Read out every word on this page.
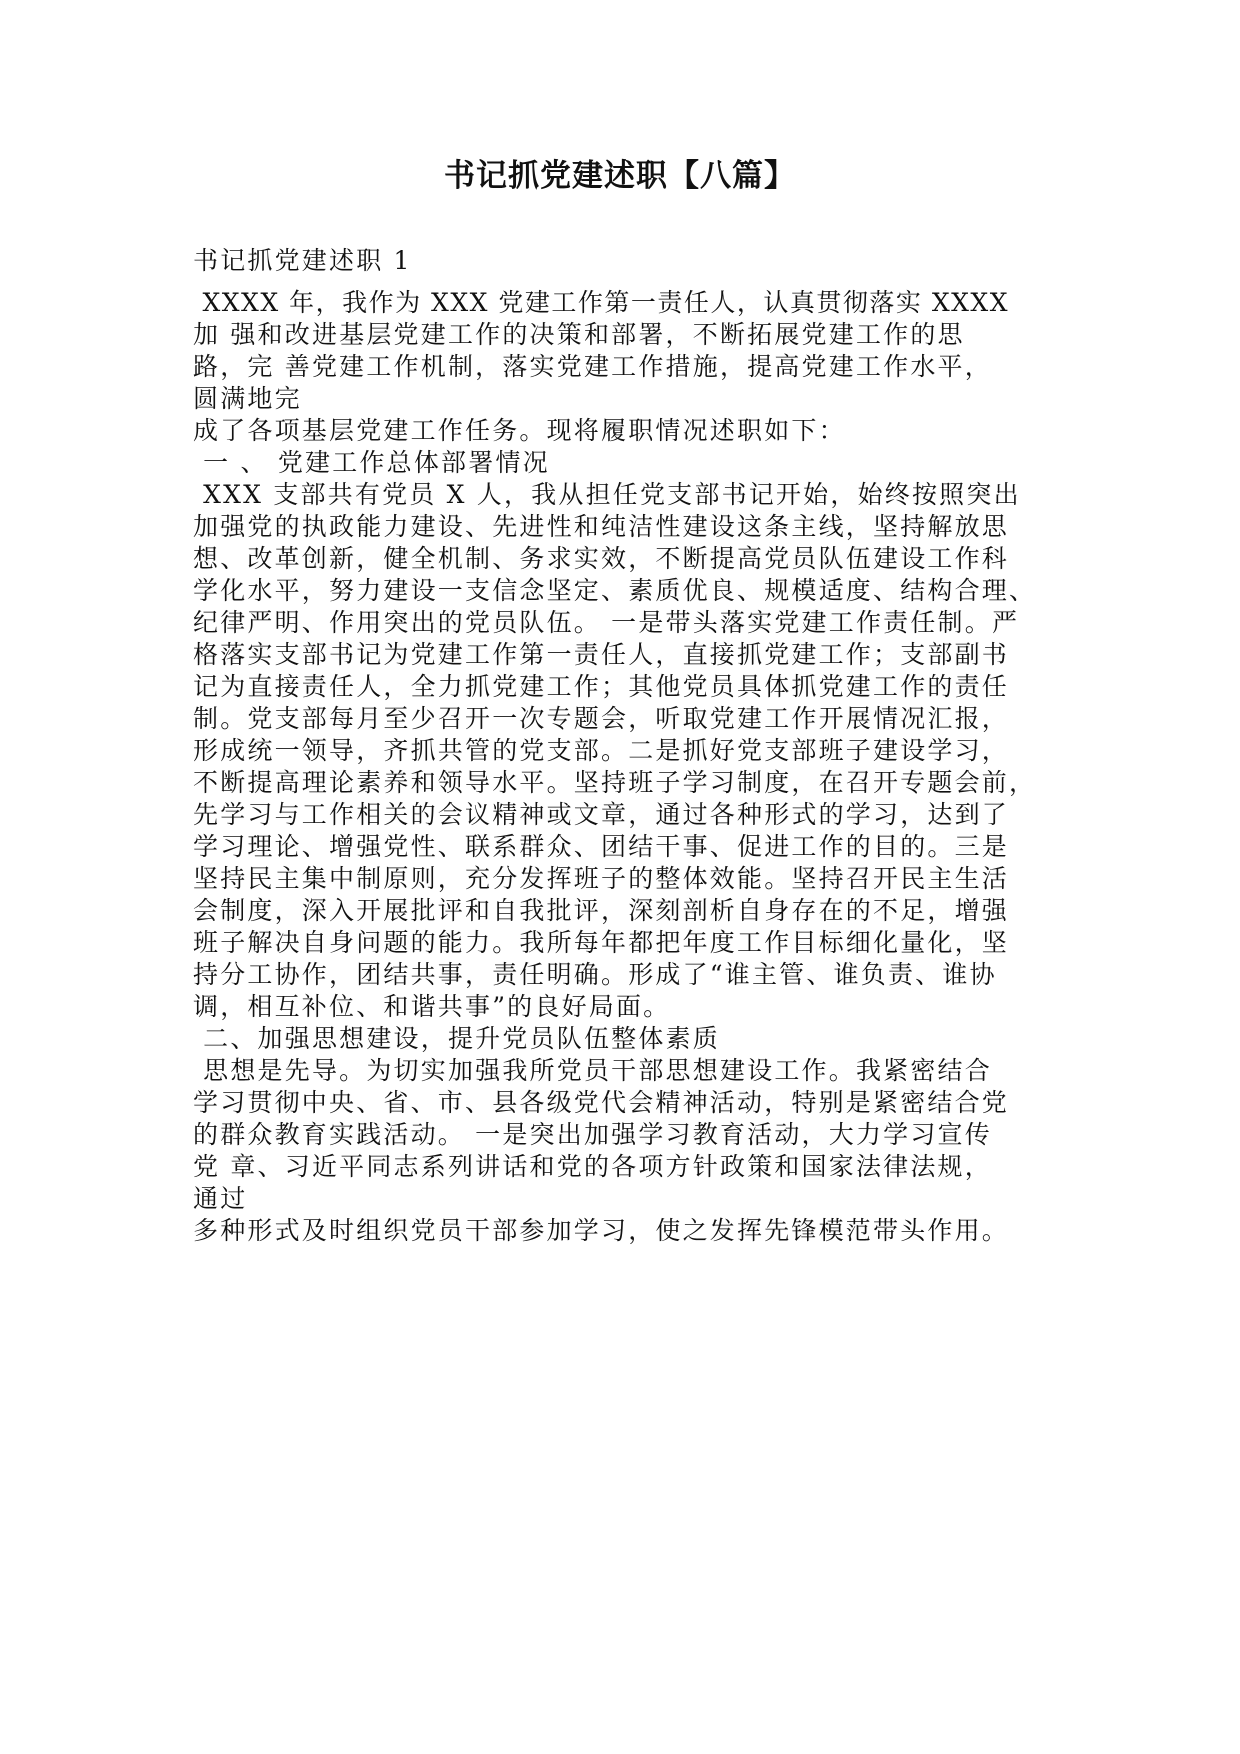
书记抓党建述职【八篇】
书记抓党建述职 1
XXXX 年，我作为 XXX 党建工作第一责任人，认真贯彻落实 XXXX
加 强和改进基层党建工作的决策和部署，不断拓展党建工作的思
路，完 善党建工作机制，落实党建工作措施，提高党建工作水平，
圆满地完
成了各项基层党建工作任务。现将履职情况述职如下：
一 、 党建工作总体部署情况
XXX 支部共有党员 X 人，我从担任党支部书记开始，始终按照突出
加强党的执政能力建设、先进性和纯洁性建设这条主线，坚持解放思
想、改革创新，健全机制、务求实效，不断提高党员队伍建设工作科
学化水平，努力建设一支信念坚定、素质优良、规模适度、结构合理、
纪律严明、作用突出的党员队伍。 一是带头落实党建工作责任制。严
格落实支部书记为党建工作第一责任人，直接抓党建工作；支部副书
记为直接责任人，全力抓党建工作；其他党员具体抓党建工作的责任
制。党支部每月至少召开一次专题会，听取党建工作开展情况汇报，
形成统一领导，齐抓共管的党支部。二是抓好党支部班子建设学习，
不断提高理论素养和领导水平。坚持班子学习制度，在召开专题会前，
先学习与工作相关的会议精神或文章，通过各种形式的学习，达到了
学习理论、增强党性、联系群众、团结干事、促进工作的目的。三是
坚持民主集中制原则，充分发挥班子的整体效能。坚持召开民主生活
会制度，深入开展批评和自我批评，深刻剖析自身存在的不足，增强
班子解决自身问题的能力。我所每年都把年度工作目标细化量化，坚
持分工协作，团结共事，责任明确。形成了“谁主管、谁负责、谁协
调，相互补位、和谐共事”的良好局面。
二、加强思想建设，提升党员队伍整体素质
思想是先导。为切实加强我所党员干部思想建设工作。我紧密结合
学习贯彻中央、省、市、县各级党代会精神活动，特别是紧密结合党
的群众教育实践活动。 一是突出加强学习教育活动，大力学习宣传
党 章、习近平同志系列讲话和党的各项方针政策和国家法律法规，
通过
多种形式及时组织党员干部参加学习，使之发挥先锋模范带头作用。
